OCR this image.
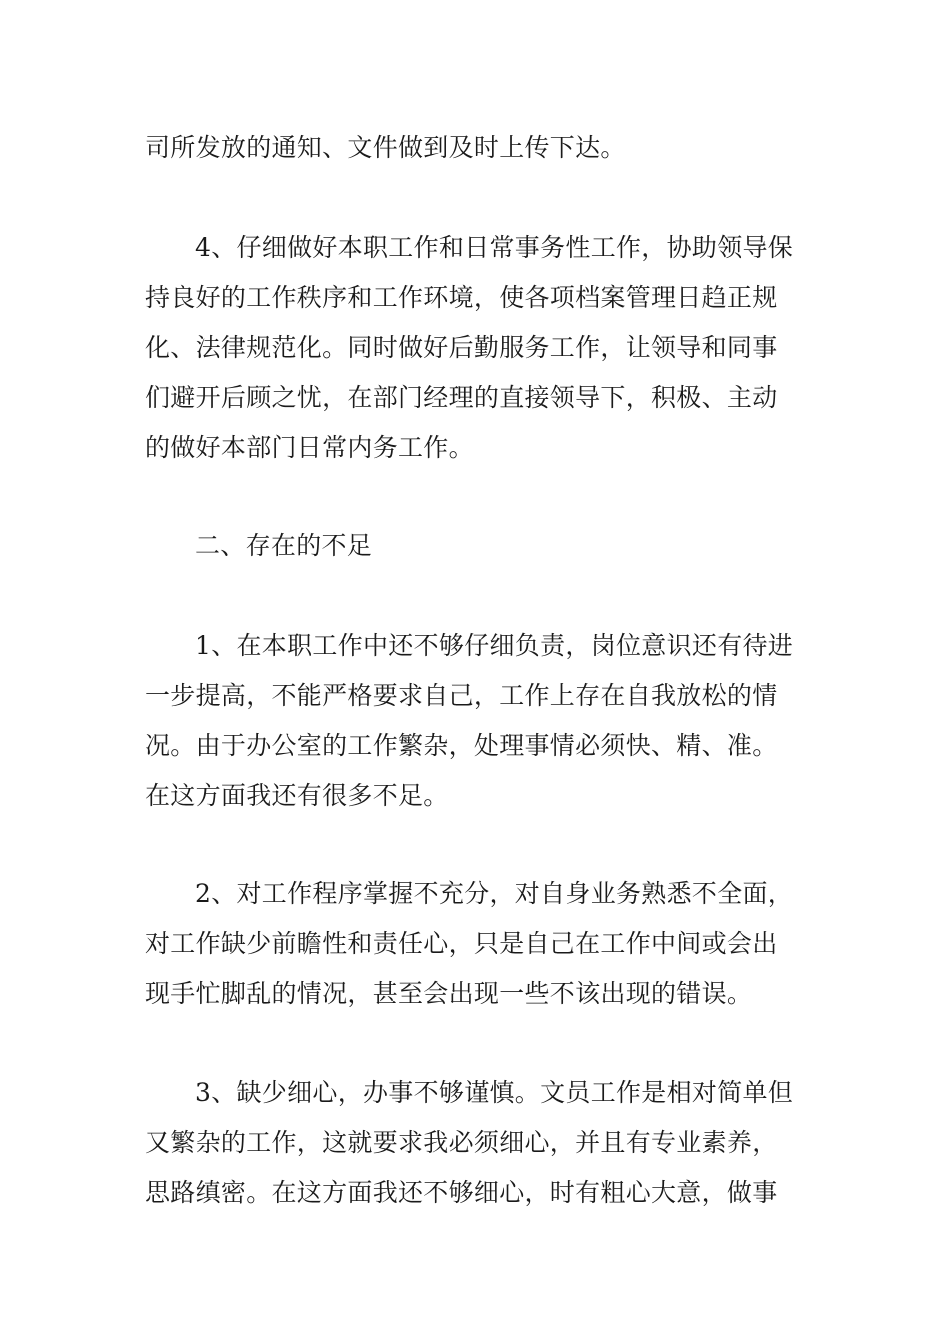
司所发放的通知、文件做到及时上传下达。

4、仔细做好本职工作和日常事务性工作，协助领导保

持良好的工作秩序和工作环境，使各项档案管理日趋正规

化、法律规范化。同时做好后勤服务工作，让领导和同事

们避开后顾之忧，在部门经理的直接领导下，积极、主动

的做好本部门日常内务工作。

二、存在的不足

1、在本职工作中还不够仔细负责，岗位意识还有待进

一步提高，不能严格要求自己，工作上存在自我放松的情

况。由于办公室的工作繁杂，处理事情必须快、精、准。

在这方面我还有很多不足。

2、对工作程序掌握不充分，对自身业务熟悉不全面，

对工作缺少前瞻性和责任心，只是自己在工作中间或会出

现手忙脚乱的情况，甚至会出现一些不该出现的错误。

3、缺少细心，办事不够谨慎。文员工作是相对简单但

又繁杂的工作，这就要求我必须细心，并且有专业素养，

思路缜密。在这方面我还不够细心，时有粗心大意，做事
